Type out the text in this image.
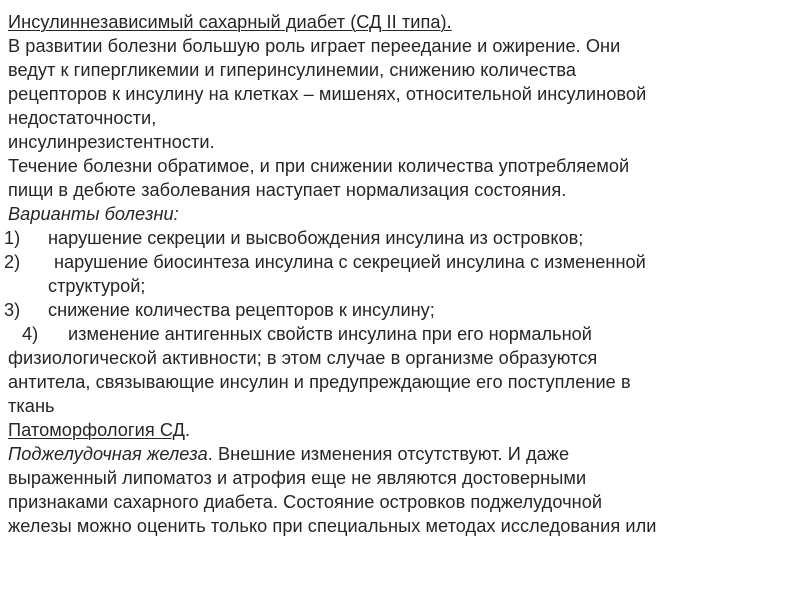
Инсулиннезависимый сахарный диабет (СД II типа).
В развитии болезни большую роль играет переедание и ожирение. Они
ведут к гипергликемии и гиперинсулинемии, снижению количества
рецепторов к инсулину на клетках – мишенях, относительной инсулиновой
недостаточности,
инсулинрезистентности.
Течение болезни обратимое, и при снижении количества употребляемой
пищи в дебюте заболевания наступает нормализация состояния.
Варианты болезни:
1) нарушение секреции и высвобождения инсулина из островков;
2) нарушение биосинтеза инсулина с секрецией инсулина с измененной
структурой;
3) снижение количества рецепторов к инсулину;
4) изменение антигенных свойств инсулина при его нормальной
физиологической активности; в этом случае в организме образуются
антитела, связывающие инсулин и предупреждающие его поступление в
ткань
Патоморфология СД.
Поджелудочная железа. Внешние изменения отсутствуют. И даже
выраженный липоматоз и атрофия еще не являются достоверными
признаками сахарного диабета. Состояние островков поджелудочной
железы можно оценить только при специальных методах исследования или
